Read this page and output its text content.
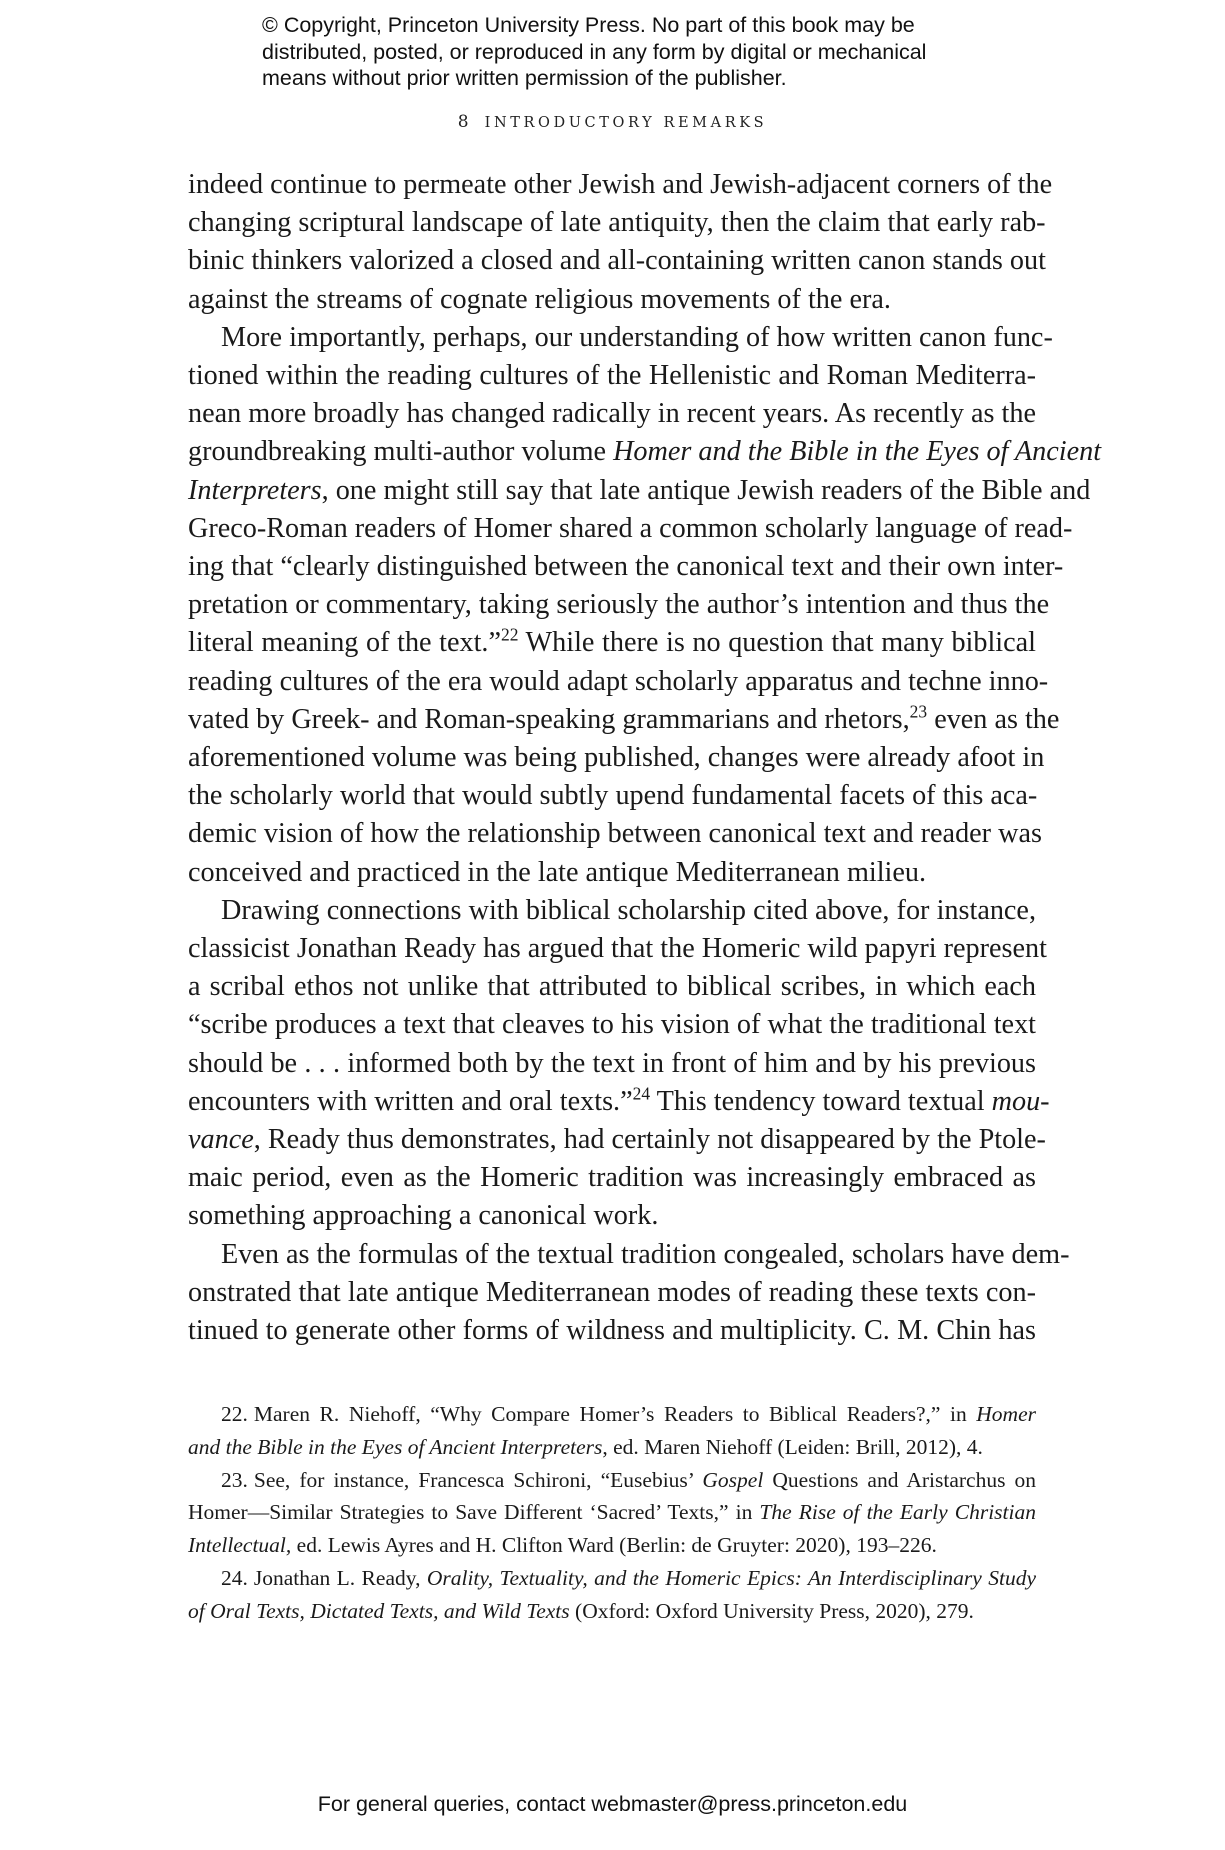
© Copyright, Princeton University Press. No part of this book may be
distributed, posted, or reproduced in any form by digital or mechanical
means without prior written permission of the publisher.
8 INTRODUCTORY REMARKS

indeed continue to permeate other Jewish and Jewish-adjacent corners of the
changing scriptural landscape of late antiquity, then the claim that early rab-
binic thinkers valorized a closed and all-containing written canon stands out
against the streams of cognate religious movements of the era.

More importantly, perhaps, our understanding of how written canon func-
tioned within the reading cultures of the Hellenistic and Roman Mediterra-
nean more broadly has changed radically in recent years. As recently as the
groundbreaking multi-author volume Homer and the Bible in the Eyes of Ancient
Interpreters, one might still say that late antique Jewish readers of the Bible and
Greco-Roman readers of Homer shared a common scholarly language of read-
ing that “clearly distinguished between the canonical text and their own inter-
pretation or commentary, taking seriously the author’s intention and thus the
literal meaning of the text.”$^{22}$ While there is no question that many biblical
reading cultures of the era would adapt scholarly apparatus and techne inno-
vated by Greek- and Roman-speaking grammarians and rhetors,$^{23}$ even as the
aforementioned volume was being published, changes were already afoot in
the scholarly world that would subtly upend fundamental facets of this aca-
demic vision of how the relationship between canonical text and reader was
conceived and practiced in the late antique Mediterranean milieu.

Drawing connections with biblical scholarship cited above, for instance,
classicist Jonathan Ready has argued that the Homeric wild papyri represent
a scribal ethos not unlike that attributed to biblical scribes, in which each
“scribe produces a text that cleaves to his vision of what the traditional text
should be . . . informed both by the text in front of him and by his previous
encounters with written and oral texts.”$^{24}$ This tendency toward textual mou-
vance, Ready thus demonstrates, had certainly not disappeared by the Ptole-
maic period, even as the Homeric tradition was increasingly embraced as
something approaching a canonical work.

Even as the formulas of the textual tradition congealed, scholars have dem-
onstrated that late antique Mediterranean modes of reading these texts con-
tinued to generate other forms of wildness and multiplicity. C. M. Chin has

22. Maren R. Niehoff, “Why Compare Homer’s Readers to Biblical Readers?,” in Homer
and the Bible in the Eyes of Ancient Interpreters, ed. Maren Niehoff (Leiden: Brill, 2012), 4.
23. See, for instance, Francesca Schironi, “Eusebius’ Gospel Questions and Aristarchus on
Homer—Similar Strategies to Save Different ‘Sacred’ Texts,” in The Rise of the Early Christian
Intellectual, ed. Lewis Ayres and H. Clifton Ward (Berlin: de Gruyter: 2020), 193–226.
24. Jonathan L. Ready, Orality, Textuality, and the Homeric Epics: An Interdisciplinary Study
of Oral Texts, Dictated Texts, and Wild Texts (Oxford: Oxford University Press, 2020), 279.
For general queries, contact webmaster@press.princeton.edu
